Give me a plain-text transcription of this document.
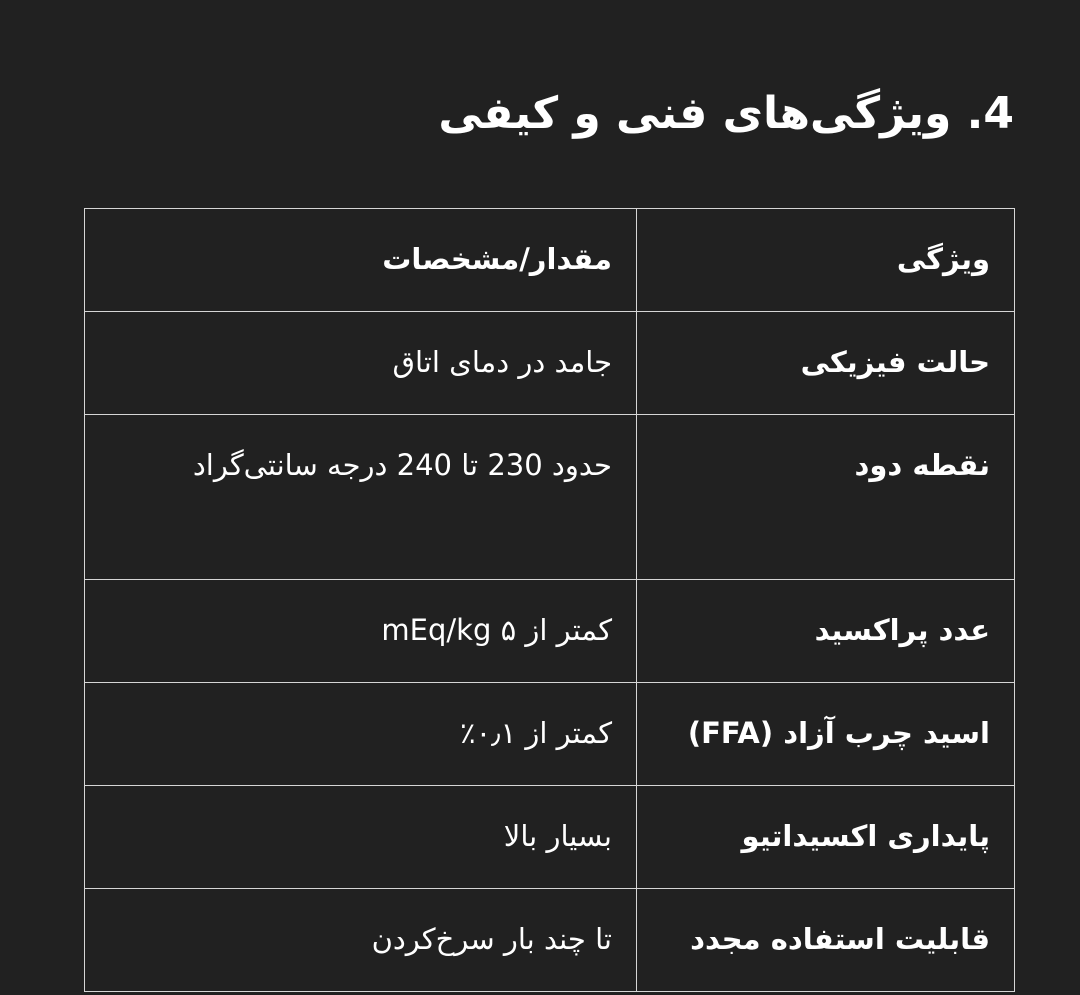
4. ویژگی‌های فنی و کیفی
ویژگی	مقدار/مشخصات
حالت فیزیکی	جامد در دمای اتاق
نقطه دود	حدود 230 تا 240 درجه سانتی‌گراد
عدد پراکسید	کمتر از ۵ mEq/kg
اسید چرب آزاد (FFA)	کمتر از ۰٫۱٪
پایداری اکسیداتیو	بسیار بالا
قابلیت استفاده مجدد	تا چند بار سرخ‌کردن
